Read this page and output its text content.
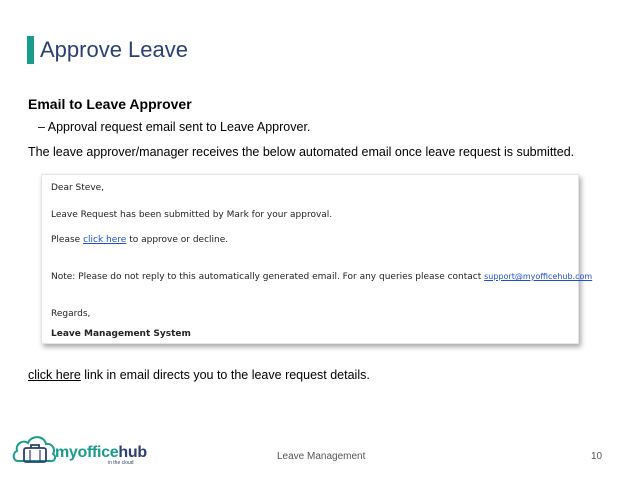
Approve Leave
Email to Leave Approver
– Approval request email sent to Leave Approver.
The leave approver/manager receives the below automated email once leave request is submitted.
Dear Steve,
Leave Request has been submitted by Mark for your approval.
Please click here to approve or decline.
Note: Please do not reply to this automatically generated email. For any queries please contact support@myofficehub.com
Regards,
Leave Management System
click here link in email directs you to the leave request details.
myofficehub
in the cloud
Leave Management	10
